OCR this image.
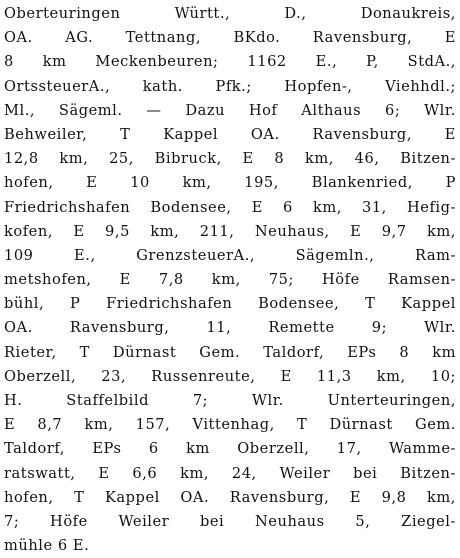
Oberteuringen Württ., D., Donaukreis,
OA. AG. Tettnang, BKdo. Ravensburg, E
8 km Meckenbeuren; 1162 E., P, StdA.,
OrtssteuerA., kath. Pfk.; Hopfen-, Viehhdl.;
Ml., Sägeml. — Dazu Hof Althaus 6; Wlr.
Behweiler, T Kappel OA. Ravensburg, E
12,8 km, 25, Bibruck, E 8 km, 46, Bitzen-
hofen, E 10 km, 195, Blankenried, P
Friedrichshafen Bodensee, E 6 km, 31, Hefig-
kofen, E 9,5 km, 211, Neuhaus, E 9,7 km,
109 E., GrenzsteuerA., Sägemln., Ram-
metshofen, E 7,8 km, 75; Höfe Ramsen-
bühl, P Friedrichshafen Bodensee, T Kappel
OA. Ravensburg, 11, Remette 9; Wlr.
Rieter, T Dürnast Gem. Taldorf, EPs 8 km
Oberzell, 23, Russenreute, E 11,3 km, 10;
H. Staffelbild 7; Wlr. Unterteuringen,
E 8,7 km, 157, Vittenhag, T Dürnast Gem.
Taldorf, EPs 6 km Oberzell, 17, Wamme-
ratswatt, E 6,6 km, 24, Weiler bei Bitzen-
hofen, T Kappel OA. Ravensburg, E 9,8 km,
7; Höfe Weiler bei Neuhaus 5, Ziegel-
mühle 6 E.
